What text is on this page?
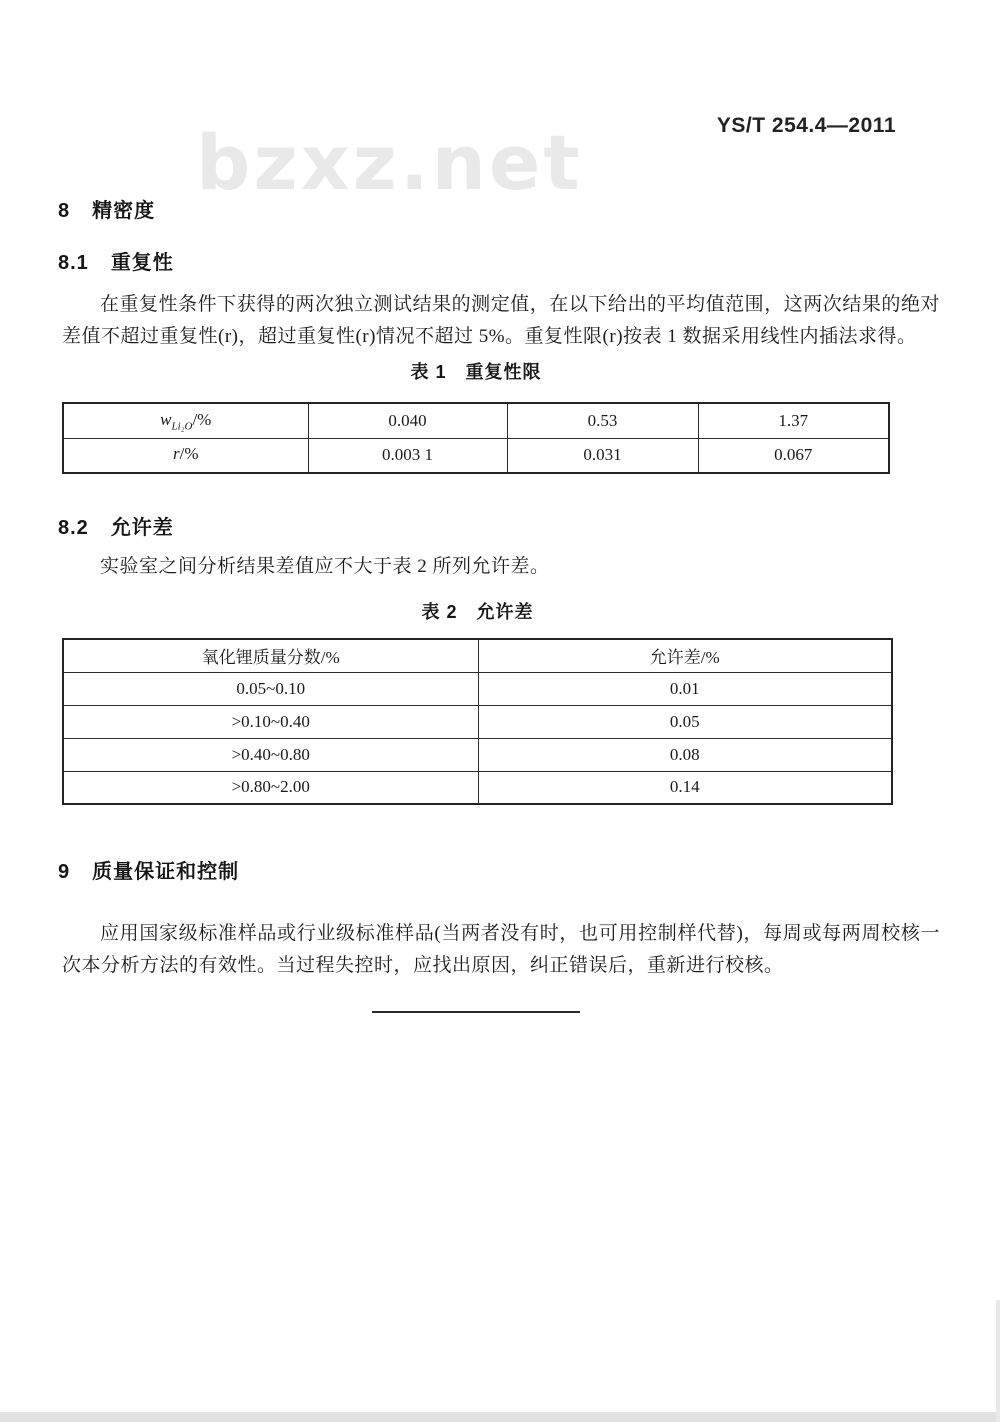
YS/T 254.4—2011
bzxz.net
8 精密度
8.1 重复性
在重复性条件下获得的两次独立测试结果的测定值，在以下给出的平均值范围，这两次结果的绝对差值不超过重复性(r)，超过重复性(r)情况不超过 5%。重复性限(r)按表 1 数据采用线性内插法求得。
表 1　重复性限
$w_{Li_2O}/\%$	0.040	0.53	1.37
r/%	0.003 1	0.031	0.067
8.2 允许差
实验室之间分析结果差值应不大于表 2 所列允许差。
表 2　允许差
氧化锂质量分数/%	允许差/%
0.05~0.10	0.01
>0.10~0.40	0.05
>0.40~0.80	0.08
>0.80~2.00	0.14
9 质量保证和控制
应用国家级标准样品或行业级标准样品(当两者没有时，也可用控制样代替)，每周或每两周校核一次本分析方法的有效性。当过程失控时，应找出原因，纠正错误后，重新进行校核。
